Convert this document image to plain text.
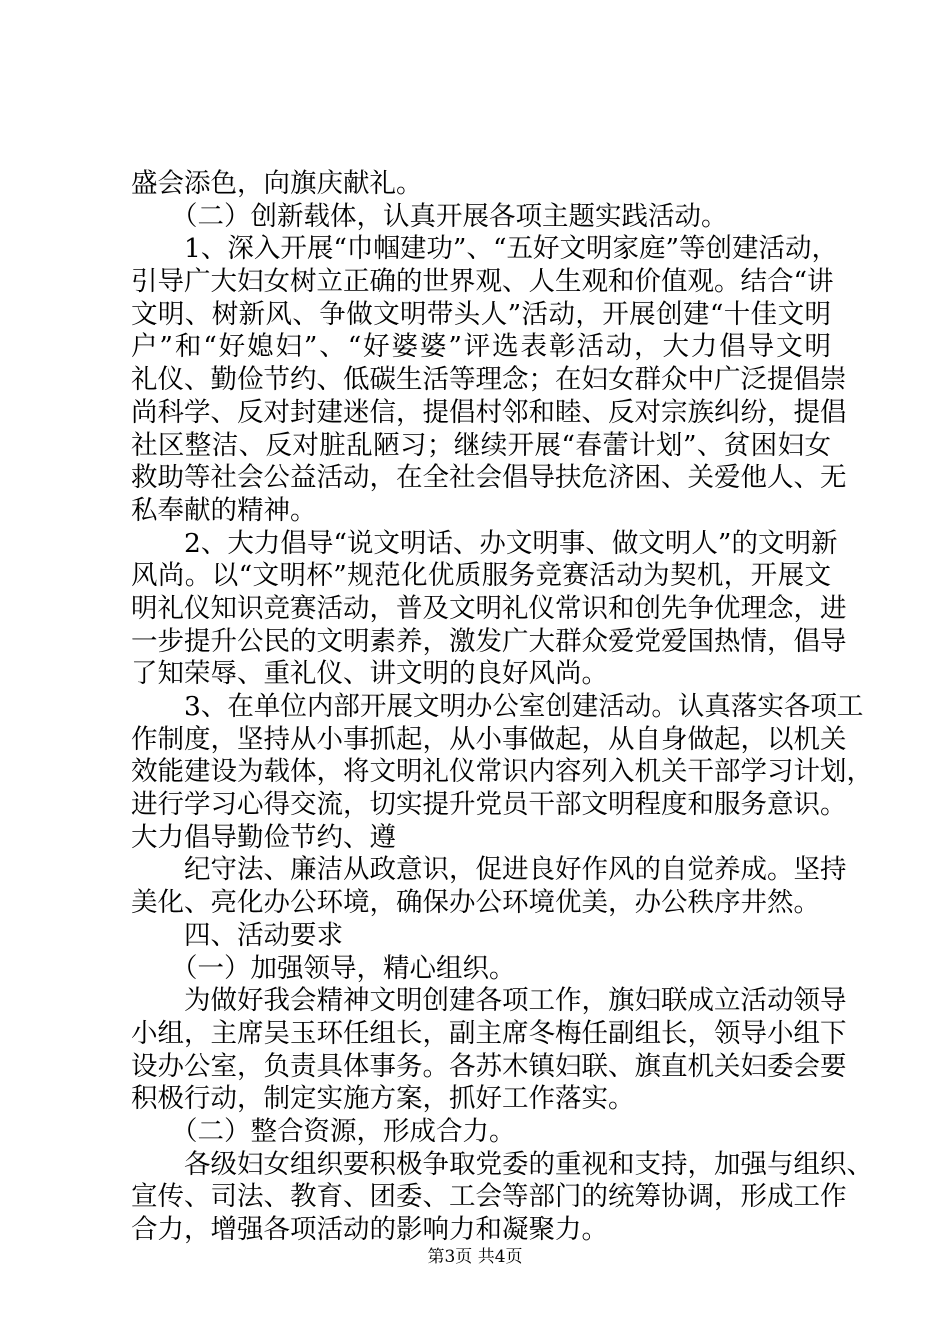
盛会添色，向旗庆献礼。
（二）创新载体，认真开展各项主题实践活动。
1、深入开展“巾帼建功”、“五好文明家庭”等创建活动，
引导广大妇女树立正确的世界观、人生观和价值观。结合“讲
文明、树新风、争做文明带头人”活动，开展创建“十佳文明
户”和“好媳妇”、“好婆婆”评选表彰活动，大力倡导文明
礼仪、勤俭节约、低碳生活等理念；在妇女群众中广泛提倡崇
尚科学、反对封建迷信，提倡村邻和睦、反对宗族纠纷，提倡
社区整洁、反对脏乱陋习；继续开展“春蕾计划”、贫困妇女
救助等社会公益活动，在全社会倡导扶危济困、关爱他人、无
私奉献的精神。
2、大力倡导“说文明话、办文明事、做文明人”的文明新
风尚。以“文明杯”规范化优质服务竞赛活动为契机，开展文
明礼仪知识竞赛活动，普及文明礼仪常识和创先争优理念，进
一步提升公民的文明素养，激发广大群众爱党爱国热情，倡导
了知荣辱、重礼仪、讲文明的良好风尚。
3、在单位内部开展文明办公室创建活动。认真落实各项工
作制度，坚持从小事抓起，从小事做起，从自身做起，以机关
效能建设为载体，将文明礼仪常识内容列入机关干部学习计划，
进行学习心得交流，切实提升党员干部文明程度和服务意识。
大力倡导勤俭节约、遵
纪守法、廉洁从政意识，促进良好作风的自觉养成。坚持
美化、亮化办公环境，确保办公环境优美，办公秩序井然。
四、活动要求
（一）加强领导，精心组织。
为做好我会精神文明创建各项工作，旗妇联成立活动领导
小组，主席吴玉环任组长，副主席冬梅任副组长，领导小组下
设办公室，负责具体事务。各苏木镇妇联、旗直机关妇委会要
积极行动，制定实施方案，抓好工作落实。
（二）整合资源，形成合力。
各级妇女组织要积极争取党委的重视和支持，加强与组织、
宣传、司法、教育、团委、工会等部门的统筹协调，形成工作
合力，增强各项活动的影响力和凝聚力。
第3页 共4页
